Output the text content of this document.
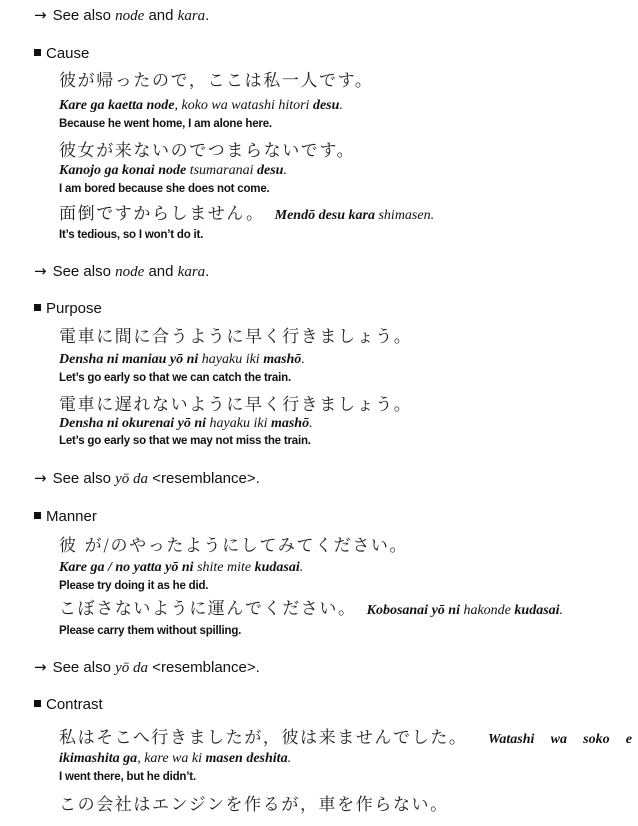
→ See also node and kara.
Cause
彼が帰ったので，ここは私一人です。
Kare ga kaetta node, koko wa watashi hitori desu.
Because he went home, I am alone here.
彼女が来ないのでつまらないです。
Kanojo ga konai node tsumaranai desu.
I am bored because she does not come.
面倒ですからしません。 Mendō desu kara shimasen.
It’s tedious, so I won’t do it.
→ See also node and kara.
Purpose
電車に間に合うように早く行きましょう。
Densha ni maniau yō ni hayaku iki mashō.
Let’s go early so that we can catch the train.
電車に遅れないように早く行きましょう。
Densha ni okurenai yō ni hayaku iki mashō.
Let’s go early so that we may not miss the train.
→ See also yō da <resemblance>.
Manner
彼 が/のやったようにしてみてください。
Kare ga / no yatta yō ni shite mite kudasai.
Please try doing it as he did.
こぼさないように運んでください。 Kobosanai yō ni hakonde kudasai.
Please carry them without spilling.
→ See also yō da <resemblance>.
Contrast
私はそこへ行きましたが，彼は来ませんでした。 Watashi wa soko e
ikimashita ga, kare wa ki masen deshita.
I went there, but he didn’t.
この会社はエンジンを作るが，車を作らない。
